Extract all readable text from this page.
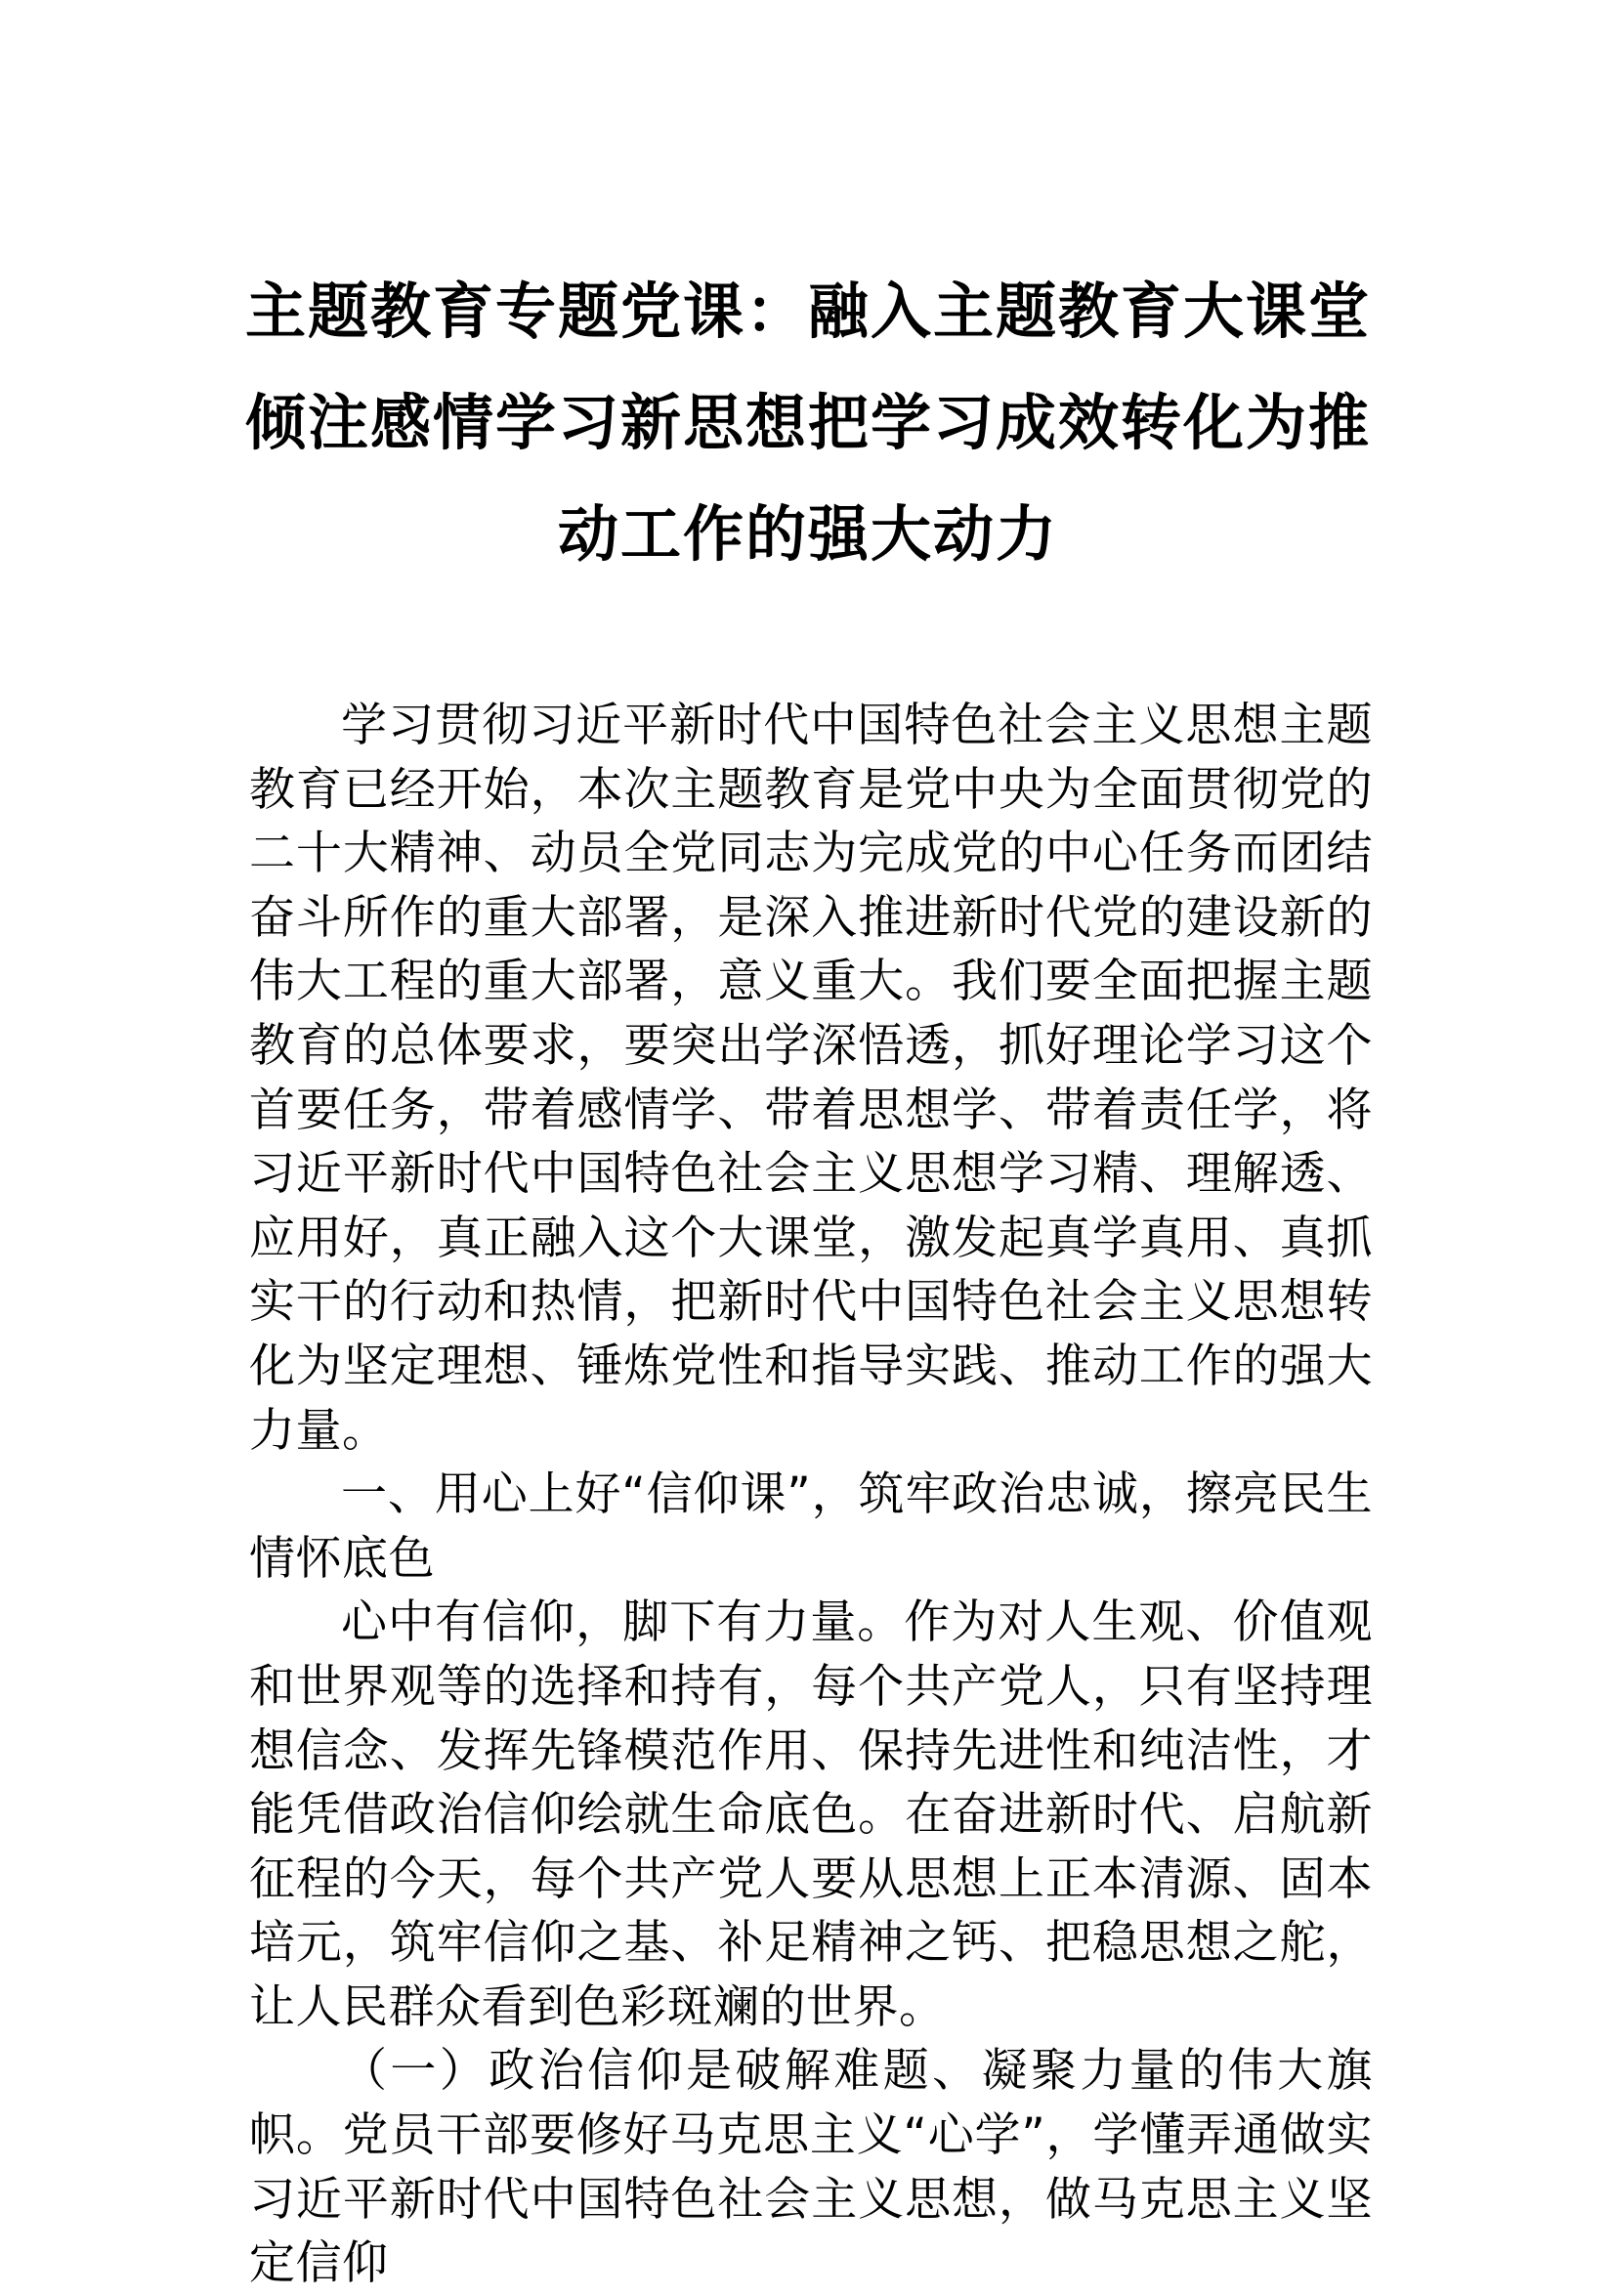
主题教育专题党课：融入主题教育大课堂倾注感情学习新思想把学习成效转化为推动工作的强大动力

学习贯彻习近平新时代中国特色社会主义思想主题教育已经开始，本次主题教育是党中央为全面贯彻党的二十大精神、动员全党同志为完成党的中心任务而团结奋斗所作的重大部署，是深入推进新时代党的建设新的伟大工程的重大部署，意义重大。我们要全面把握主题教育的总体要求，要突出学深悟透，抓好理论学习这个首要任务，带着感情学、带着思想学、带着责任学，将习近平新时代中国特色社会主义思想学习精、理解透、应用好，真正融入这个大课堂，激发起真学真用、真抓实干的行动和热情，把新时代中国特色社会主义思想转化为坚定理想、锤炼党性和指导实践、推动工作的强大力量。

一、用心上好“信仰课”，筑牢政治忠诚，擦亮民生情怀底色

心中有信仰，脚下有力量。作为对人生观、价值观和世界观等的选择和持有，每个共产党人，只有坚持理想信念、发挥先锋模范作用、保持先进性和纯洁性，才能凭借政治信仰绘就生命底色。在奋进新时代、启航新征程的今天，每个共产党人要从思想上正本清源、固本培元，筑牢信仰之基、补足精神之钙、把稳思想之舵，让人民群众看到色彩斑斓的世界。

（一）政治信仰是破解难题、凝聚力量的伟大旗帜。党员干部要修好马克思主义“心学”，学懂弄通做实习近平新时代中国特色社会主义思想，做马克思主义坚定信仰
